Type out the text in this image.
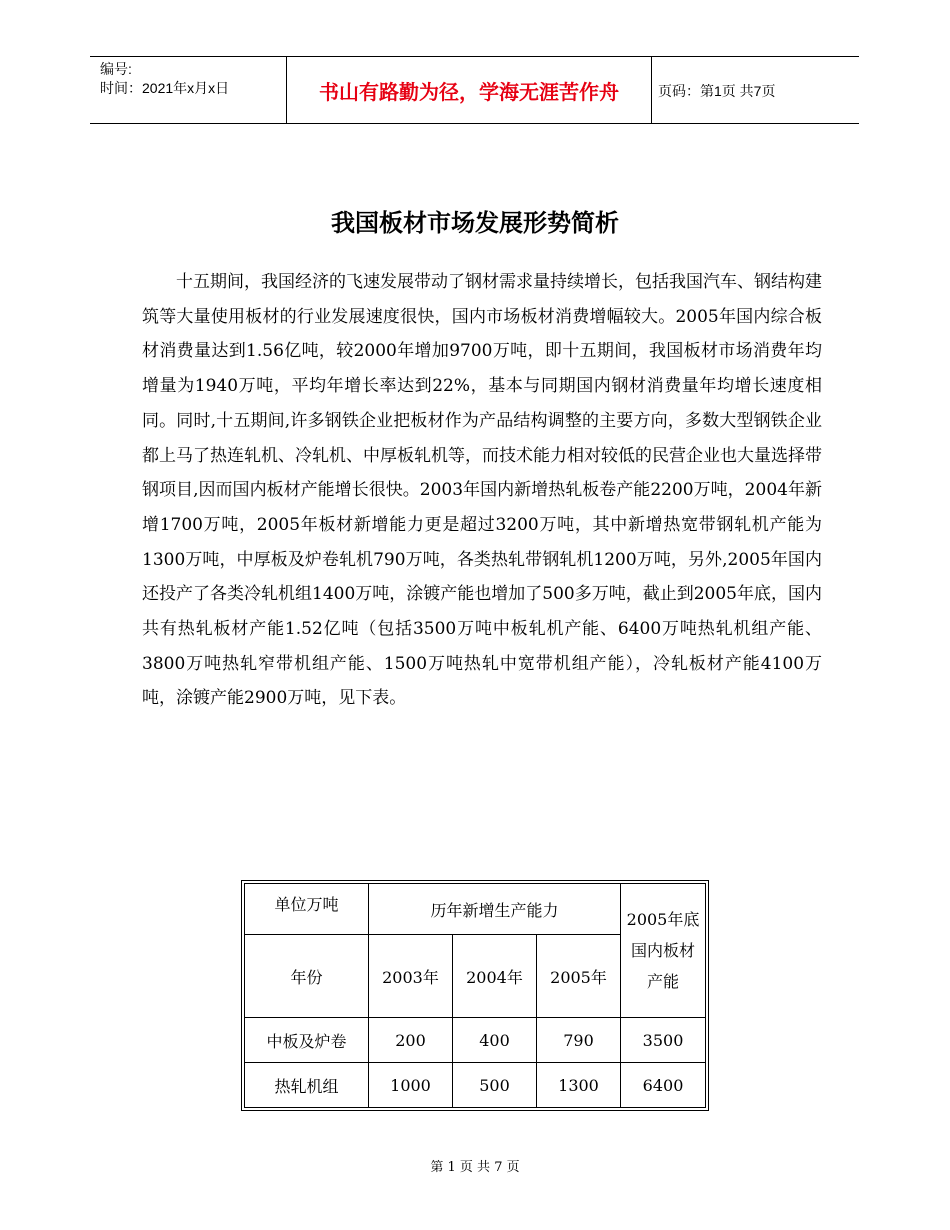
编号:
时间：2021年x月x日	书山有路勤为径，学海无涯苦作舟	页码：第1页 共7页
我国板材市场发展形势简析
十五期间，我国经济的飞速发展带动了钢材需求量持续增长，包括我国汽车、钢结构建筑等大量使用板材的行业发展速度很快，国内市场板材消费增幅较大。2005年国内综合板材消费量达到1.56亿吨，较2000年增加9700万吨，即十五期间，我国板材市场消费年均增量为1940万吨，平均年增长率达到22%，基本与同期国内钢材消费量年均增长速度相同。同时,十五期间,许多钢铁企业把板材作为产品结构调整的主要方向，多数大型钢铁企业都上马了热连轧机、冷轧机、中厚板轧机等，而技术能力相对较低的民营企业也大量选择带钢项目,因而国内板材产能增长很快。2003年国内新增热轧板卷产能2200万吨，2004年新增1700万吨，2005年板材新增能力更是超过3200万吨，其中新增热宽带钢轧机产能为1300万吨，中厚板及炉卷轧机790万吨，各类热轧带钢轧机1200万吨，另外,2005年国内还投产了各类冷轧机组1400万吨，涂镀产能也增加了500多万吨，截止到2005年底，国内共有热轧板材产能1.52亿吨（包括3500万吨中板轧机产能、6400万吨热轧机组产能、3800万吨热轧窄带机组产能、1500万吨热轧中宽带机组产能），冷轧板材产能4100万吨，涂镀产能2900万吨，见下表。
单位万吨	历年新增生产能力			2005年底
国内板材
产能

年份	2003年	2004年	2005年	
中板及炉卷	200	400	790	3500
热轧机组	1000	500	1300	6400
第 1 页 共 7 页
